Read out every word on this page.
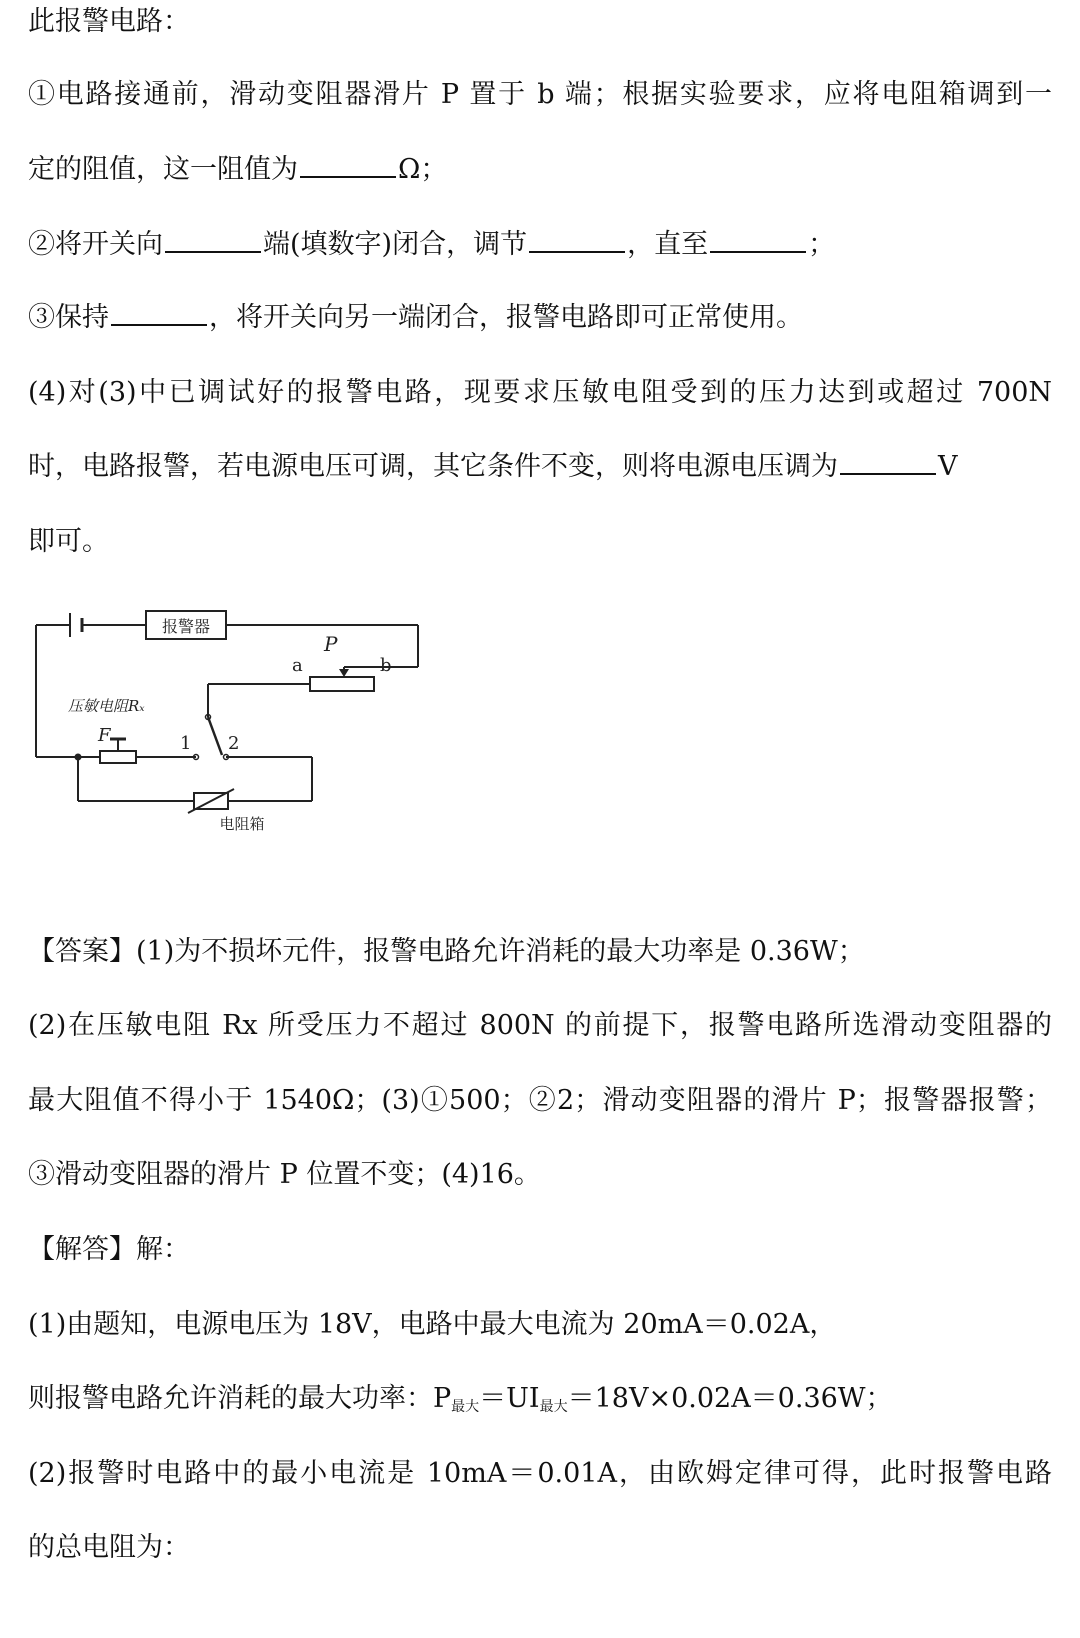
此报警电路：
①电路接通前，滑动变阻器滑片 P 置于 b 端；根据实验要求，应将电阻箱调到一
定的阻值，这一阻值为	Ω；
②将开关向	端(填数字)闭合，调节	，直至	；
③保持	，将开关向另一端闭合，报警电路即可正常使用。
(4)对(3)中已调试好的报警电路，现要求压敏电阻受到的压力达到或超过 700N
时，电路报警，若电源电压可调，其它条件不变，则将电源电压调为	V
即可。
报警器
P
a	b
压敏电阻Rₓ
F	1 2
电阻箱
【答案】(1)为不损坏元件，报警电路允许消耗的最大功率是 0.36W；
(2)在压敏电阻 Rx 所受压力不超过 800N 的前提下，报警电路所选滑动变阻器的
最大阻值不得小于 1540Ω；(3)①500；②2；滑动变阻器的滑片 P；报警器报警；
③滑动变阻器的滑片 P 位置不变；(4)16。
【解答】解：
(1)由题知，电源电压为 18V，电路中最大电流为 20mA＝0.02A，
则报警电路允许消耗的最大功率：$P_{最大}=UI_{最大}=18V\times 0.02A=0.36W$；
(2)报警时电路中的最小电流是 10mA＝0.01A，由欧姆定律可得，此时报警电路
的总电阻为：
